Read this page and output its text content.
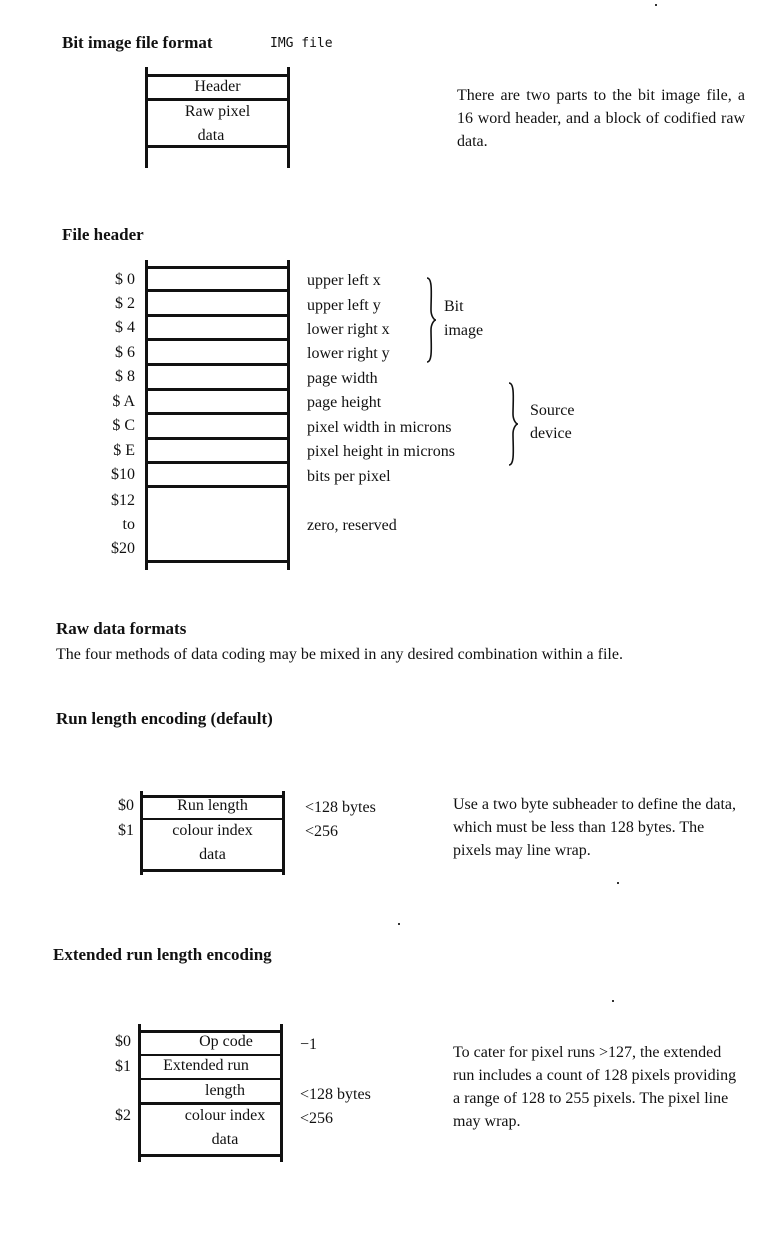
Bit image file format	IMG file
Header
Raw pixel
data
There are two parts to the bit image file, a 16 word header, and a block of codified raw data.
File header
$ 0
$ 2
$ 4
$ 6
$ 8
$ A
$ C
$ E
$10
$12
to
$20
upper left x
upper left y
lower right x
lower right y
page width
page height
pixel width in microns
pixel height in microns
bits per pixel
zero, reserved
Bit
image
Source
device
Raw data formats
The four methods of data coding may be mixed in any desired combination within a file.
Run length encoding (default)
Run length
colour index
data
$0
$1
<128 bytes
<256
Use a two byte subheader to define the data, which must be less than 128 bytes. The pixels may line wrap.
Extended run length encoding
Op code
Extended run
length
colour index
data
$0
$1
$2
−1
<128 bytes
<256
To cater for pixel runs >127, the extended run includes a count of 128 pixels providing a range of 128 to 255 pixels. The pixel line may wrap.
